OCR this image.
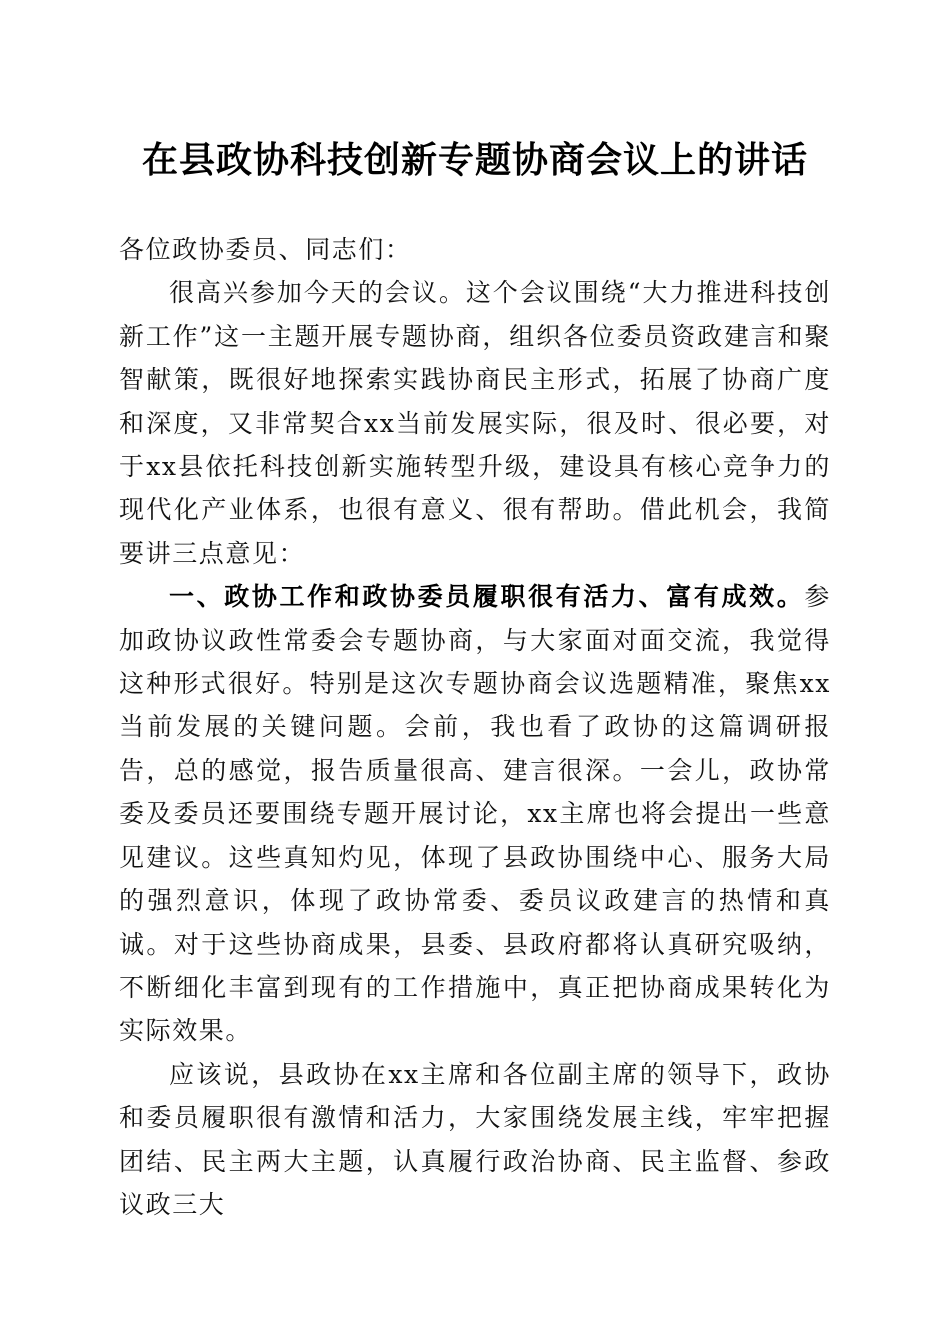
在县政协科技创新专题协商会议上的讲话

各位政协委员、同志们：

很高兴参加今天的会议。这个会议围绕“大力推进科技创新工作”这一主题开展专题协商，组织各位委员资政建言和聚智献策，既很好地探索实践协商民主形式，拓展了协商广度和深度，又非常契合xx当前发展实际，很及时、很必要，对于xx县依托科技创新实施转型升级，建设具有核心竞争力的现代化产业体系，也很有意义、很有帮助。借此机会，我简要讲三点意见：

一、政协工作和政协委员履职很有活力、富有成效。参加政协议政性常委会专题协商，与大家面对面交流，我觉得这种形式很好。特别是这次专题协商会议选题精准，聚焦xx当前发展的关键问题。会前，我也看了政协的这篇调研报告，总的感觉，报告质量很高、建言很深。一会儿，政协常委及委员还要围绕专题开展讨论，xx主席也将会提出一些意见建议。这些真知灼见，体现了县政协围绕中心、服务大局的强烈意识，体现了政协常委、委员议政建言的热情和真诚。对于这些协商成果，县委、县政府都将认真研究吸纳，不断细化丰富到现有的工作措施中，真正把协商成果转化为实际效果。

应该说，县政协在xx主席和各位副主席的领导下，政协和委员履职很有激情和活力，大家围绕发展主线，牢牢把握团结、民主两大主题，认真履行政治协商、民主监督、参政议政三大
